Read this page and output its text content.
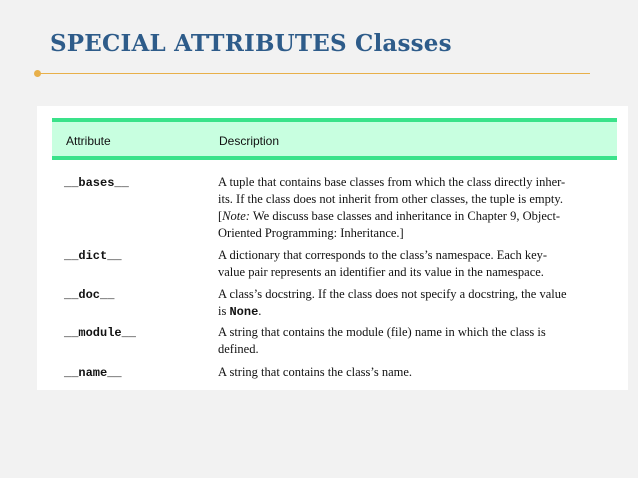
SPECIAL ATTRIBUTES Classes
Attribute	Description
__bases__	A tuple that contains base classes from which the class directly inher-
its. If the class does not inherit from other classes, the tuple is empty.
[Note: We discuss base classes and inheritance in Chapter 9, Object-
Oriented Programming: Inheritance.]
__dict__	A dictionary that corresponds to the class’s namespace. Each key-
value pair represents an identifier and its value in the namespace.
__doc__	A class’s docstring. If the class does not specify a docstring, the value
is None.
__module__	A string that contains the module (file) name in which the class is
defined.
__name__	A string that contains the class’s name.
